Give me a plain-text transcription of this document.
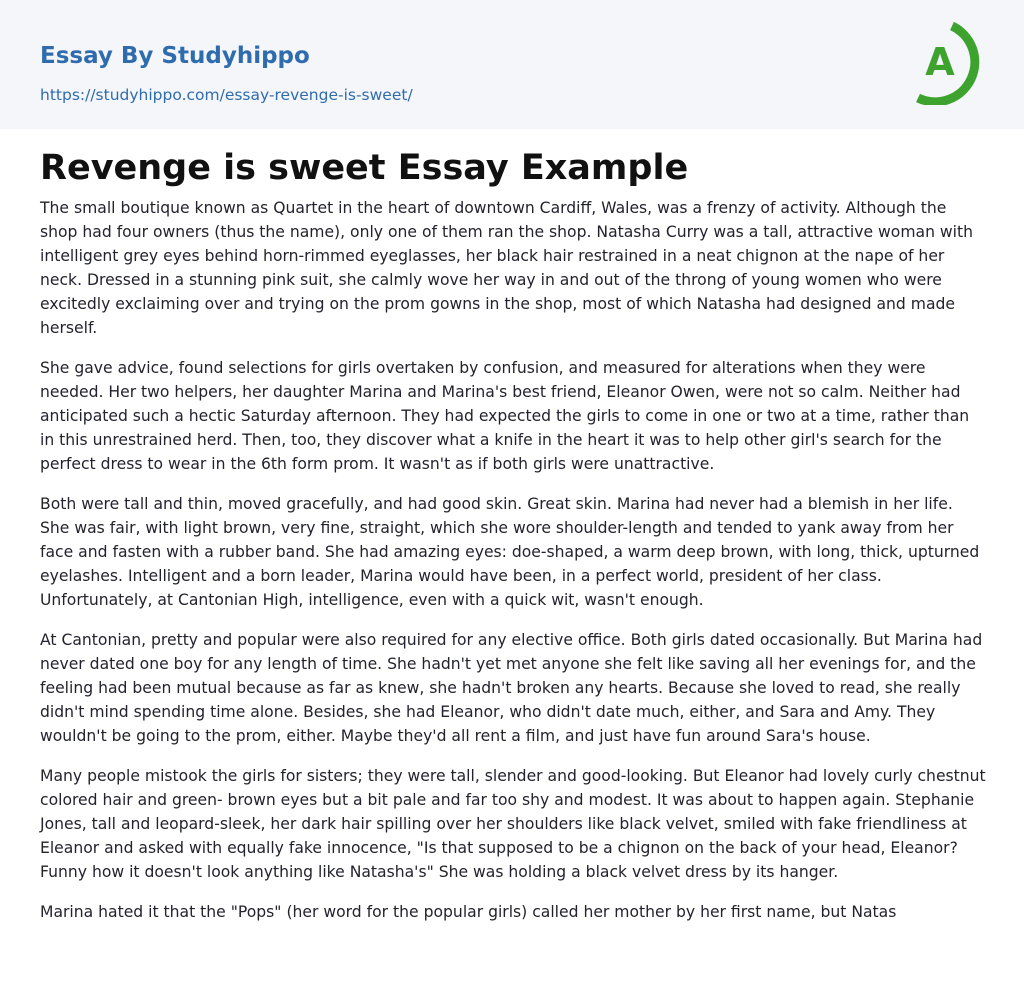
Essay By Studyhippo
https://studyhippo.com/essay-revenge-is-sweet/
A
Revenge is sweet Essay Example

The small boutique known as Quartet in the heart of downtown Cardiff, Wales, was a frenzy of activity. Although the shop had four owners (thus the name), only one of them ran the shop. Natasha Curry was a tall, attractive woman with intelligent grey eyes behind horn-rimmed eyeglasses, her black hair restrained in a neat chignon at the nape of her neck. Dressed in a stunning pink suit, she calmly wove her way in and out of the throng of young women who were excitedly exclaiming over and trying on the prom gowns in the shop, most of which Natasha had designed and made herself.

She gave advice, found selections for girls overtaken by confusion, and measured for alterations when they were needed. Her two helpers, her daughter Marina and Marina's best friend, Eleanor Owen, were not so calm. Neither had anticipated such a hectic Saturday afternoon. They had expected the girls to come in one or two at a time, rather than in this unrestrained herd. Then, too, they discover what a knife in the heart it was to help other girl's search for the perfect dress to wear in the 6th form prom. It wasn't as if both girls were unattractive.

Both were tall and thin, moved gracefully, and had good skin. Great skin. Marina had never had a blemish in her life. She was fair, with light brown, very fine, straight, which she wore shoulder-length and tended to yank away from her face and fasten with a rubber band. She had amazing eyes: doe-shaped, a warm deep brown, with long, thick, upturned eyelashes. Intelligent and a born leader, Marina would have been, in a perfect world, president of her class. Unfortunately, at Cantonian High, intelligence, even with a quick wit, wasn't enough.

At Cantonian, pretty and popular were also required for any elective office. Both girls dated occasionally. But Marina had never dated one boy for any length of time. She hadn't yet met anyone she felt like saving all her evenings for, and the feeling had been mutual because as far as knew, she hadn't broken any hearts. Because she loved to read, she really didn't mind spending time alone. Besides, she had Eleanor, who didn't date much, either, and Sara and Amy. They wouldn't be going to the prom, either. Maybe they'd all rent a film, and just have fun around Sara's house.

Many people mistook the girls for sisters; they were tall, slender and good-looking. But Eleanor had lovely curly chestnut colored hair and green- brown eyes but a bit pale and far too shy and modest. It was about to happen again. Stephanie Jones, tall and leopard-sleek, her dark hair spilling over her shoulders like black velvet, smiled with fake friendliness at Eleanor and asked with equally fake innocence, "Is that supposed to be a chignon on the back of your head, Eleanor? Funny how it doesn't look anything like Natasha's" She was holding a black velvet dress by its hanger.

Marina hated it that the "Pops" (her word for the popular girls) called her mother by her first name, but Natas
